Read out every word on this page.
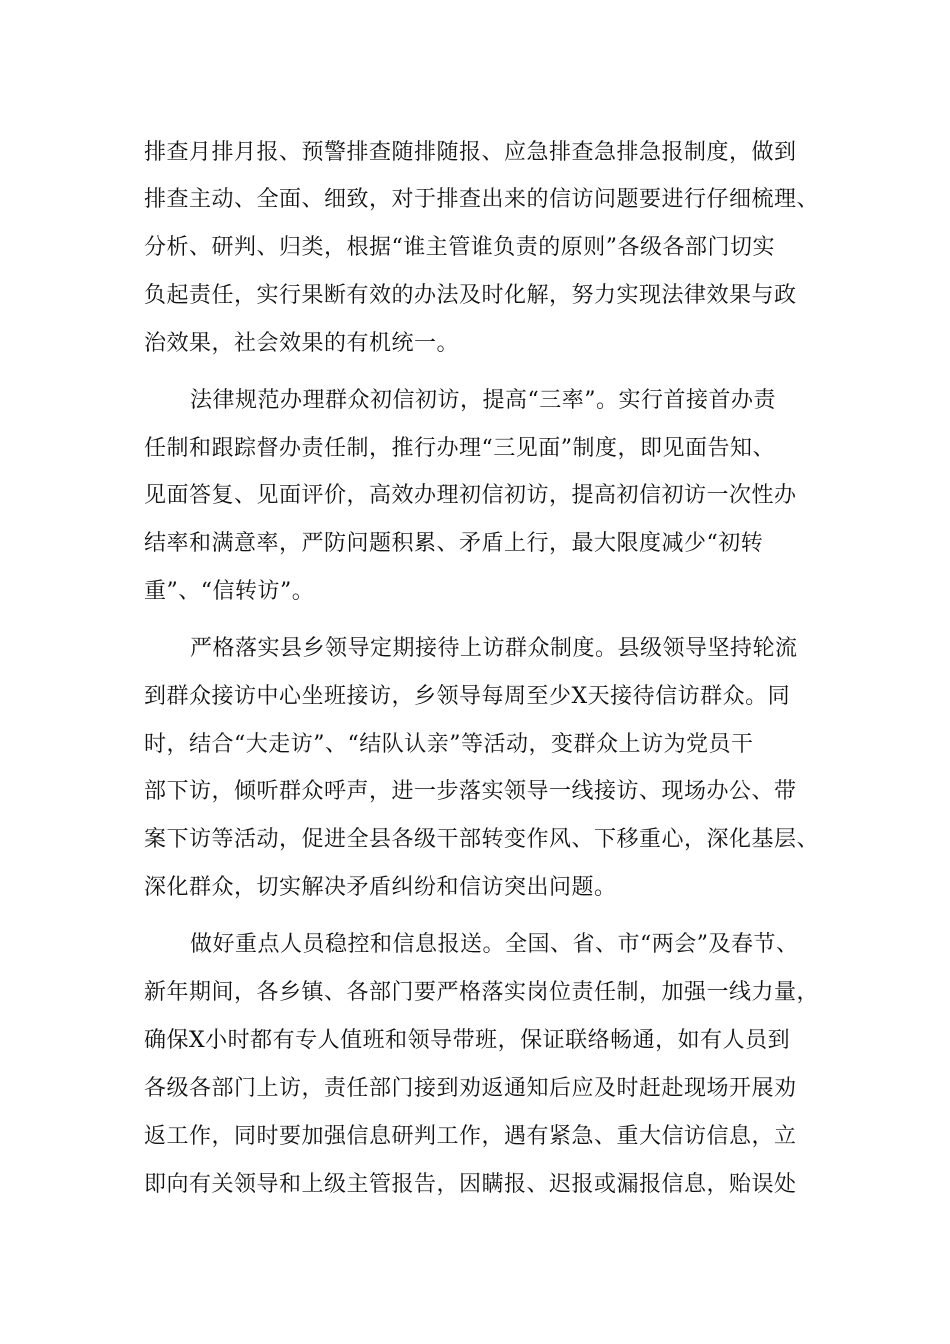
排查月排月报、预警排查随排随报、应急排查急排急报制度，做到
排查主动、全面、细致，对于排查出来的信访问题要进行仔细梳理、
分析、研判、归类，根据“谁主管谁负责的原则”各级各部门切实
负起责任，实行果断有效的办法及时化解，努力实现法律效果与政
治效果，社会效果的有机统一。
法律规范办理群众初信初访，提高“三率”。实行首接首办责
任制和跟踪督办责任制，推行办理“三见面”制度，即见面告知、
见面答复、见面评价，高效办理初信初访，提高初信初访一次性办
结率和满意率，严防问题积累、矛盾上行，最大限度减少“初转
重”、“信转访”。
严格落实县乡领导定期接待上访群众制度。县级领导坚持轮流
到群众接访中心坐班接访，乡领导每周至少X天接待信访群众。同
时，结合“大走访”、“结队认亲”等活动，变群众上访为党员干
部下访，倾听群众呼声，进一步落实领导一线接访、现场办公、带
案下访等活动，促进全县各级干部转变作风、下移重心，深化基层、
深化群众，切实解决矛盾纠纷和信访突出问题。
做好重点人员稳控和信息报送。全国、省、市“两会”及春节、
新年期间，各乡镇、各部门要严格落实岗位责任制，加强一线力量，
确保X小时都有专人值班和领导带班，保证联络畅通，如有人员到
各级各部门上访，责任部门接到劝返通知后应及时赶赴现场开展劝
返工作，同时要加强信息研判工作，遇有紧急、重大信访信息，立
即向有关领导和上级主管报告，因瞒报、迟报或漏报信息，贻误处
